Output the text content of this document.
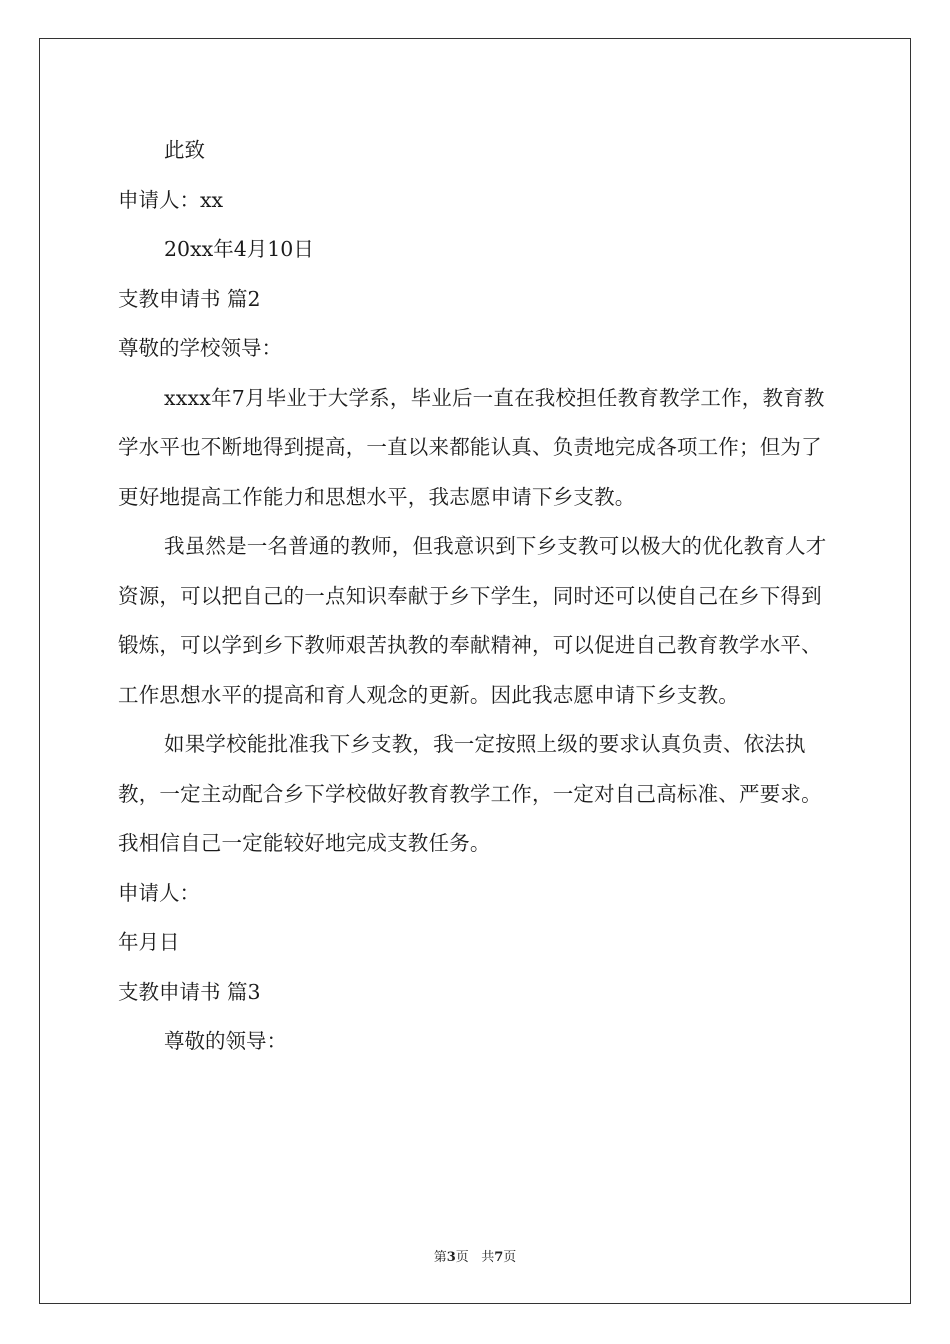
此致

申请人：xx

20xx年4月10日

支教申请书 篇2

尊敬的学校领导：

xxxx年7月毕业于大学系，毕业后一直在我校担任教育教学工作，教育教学水平也不断地得到提高，一直以来都能认真、负责地完成各项工作；但为了更好地提高工作能力和思想水平，我志愿申请下乡支教。

我虽然是一名普通的教师，但我意识到下乡支教可以极大的优化教育人才资源，可以把自己的一点知识奉献于乡下学生，同时还可以使自己在乡下得到锻炼，可以学到乡下教师艰苦执教的奉献精神，可以促进自己教育教学水平、工作思想水平的提高和育人观念的更新。因此我志愿申请下乡支教。

如果学校能批准我下乡支教，我一定按照上级的要求认真负责、依法执教，一定主动配合乡下学校做好教育教学工作，一定对自己高标准、严要求。我相信自己一定能较好地完成支教任务。

申请人：

年月日

支教申请书 篇3

尊敬的领导：

第3页 共7页
